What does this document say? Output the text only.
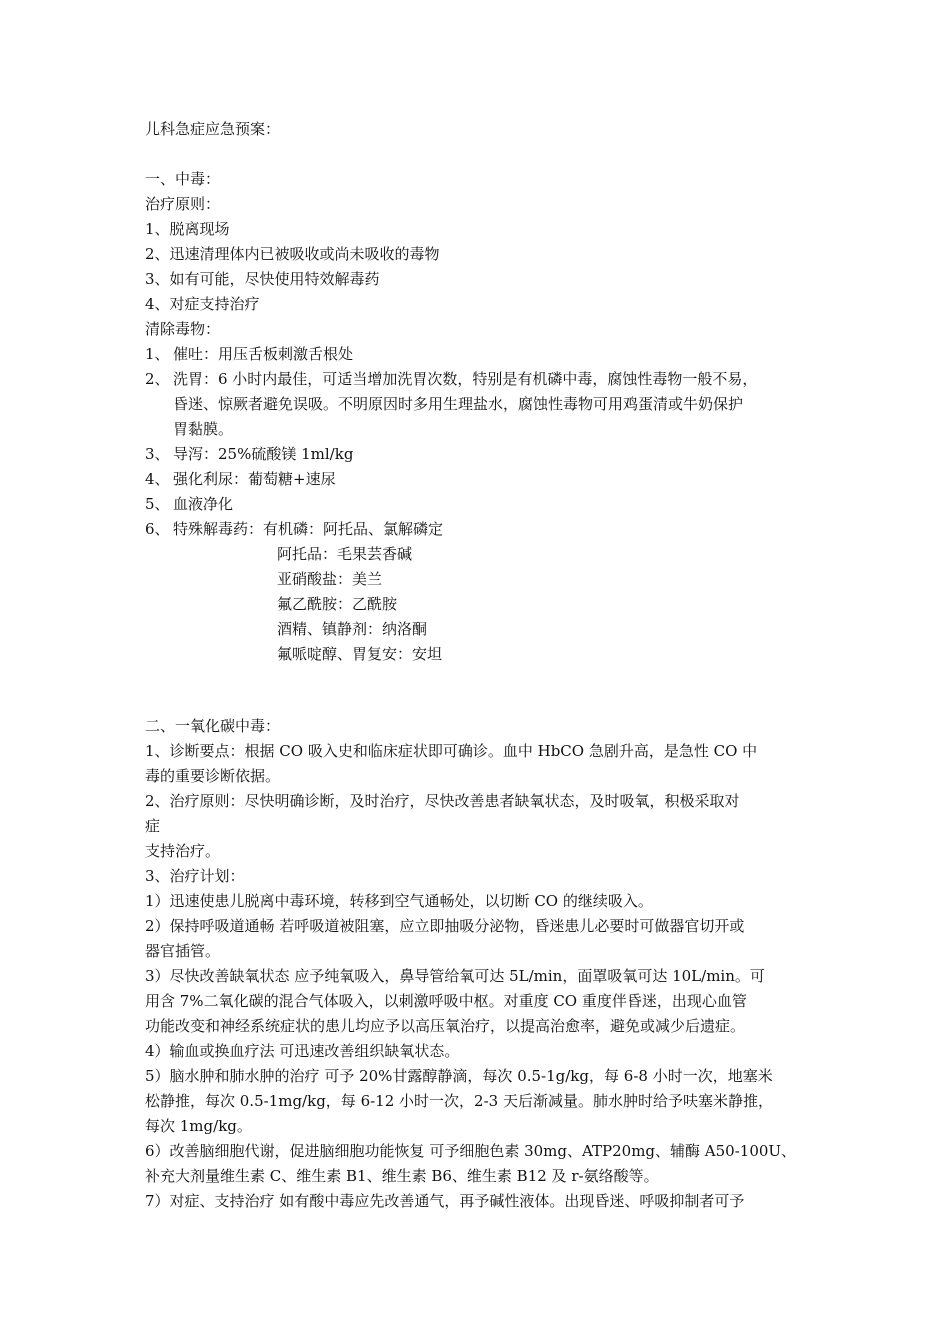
儿科急症应急预案：
一、中毒：
治疗原则：
1、脱离现场
2、迅速清理体内已被吸收或尚未吸收的毒物
3、如有可能，尽快使用特效解毒药
4、对症支持治疗
清除毒物：
1、 催吐：用压舌板刺激舌根处
2、 洗胃：6 小时内最佳，可适当增加洗胃次数，特别是有机磷中毒，腐蚀性毒物一般不易，
昏迷、惊厥者避免误吸。不明原因时多用生理盐水，腐蚀性毒物可用鸡蛋清或牛奶保护
胃黏膜。
3、 导泻：25%硫酸镁 1ml/kg
4、 强化利尿：葡萄糖+速尿
5、 血液净化
6、 特殊解毒药：有机磷：阿托品、氯解磷定
阿托品：毛果芸香碱
亚硝酸盐：美兰
氟乙酰胺：乙酰胺
酒精、镇静剂：纳洛酮
氟哌啶醇、胃复安：安坦
二、一氧化碳中毒：
1、诊断要点：根据 CO 吸入史和临床症状即可确诊。血中 HbCO 急剧升高，是急性 CO 中
毒的重要诊断依据。
2、治疗原则：尽快明确诊断，及时治疗，尽快改善患者缺氧状态，及时吸氧，积极采取对
症
支持治疗。
3、治疗计划：
1）迅速使患儿脱离中毒环境，转移到空气通畅处，以切断 CO 的继续吸入。
2）保持呼吸道通畅 若呼吸道被阻塞，应立即抽吸分泌物，昏迷患儿必要时可做器官切开或
器官插管。
3）尽快改善缺氧状态 应予纯氧吸入，鼻导管给氧可达 5L/min，面罩吸氧可达 10L/min。可
用含 7%二氧化碳的混合气体吸入，以刺激呼吸中枢。对重度 CO 重度伴昏迷，出现心血管
功能改变和神经系统症状的患儿均应予以高压氧治疗，以提高治愈率，避免或减少后遗症。
4）输血或换血疗法 可迅速改善组织缺氧状态。
5）脑水肿和肺水肿的治疗 可予 20%甘露醇静滴，每次 0.5-1g/kg，每 6-8 小时一次，地塞米
松静推，每次 0.5-1mg/kg，每 6-12 小时一次，2-3 天后渐减量。肺水肿时给予呋塞米静推，
每次 1mg/kg。
6）改善脑细胞代谢，促进脑细胞功能恢复 可予细胞色素 30mg、ATP20mg、辅酶 A50-100U、
补充大剂量维生素 C、维生素 B1、维生素 B6、维生素 B12 及 r-氨络酸等。
7）对症、支持治疗 如有酸中毒应先改善通气，再予碱性液体。出现昏迷、呼吸抑制者可予
